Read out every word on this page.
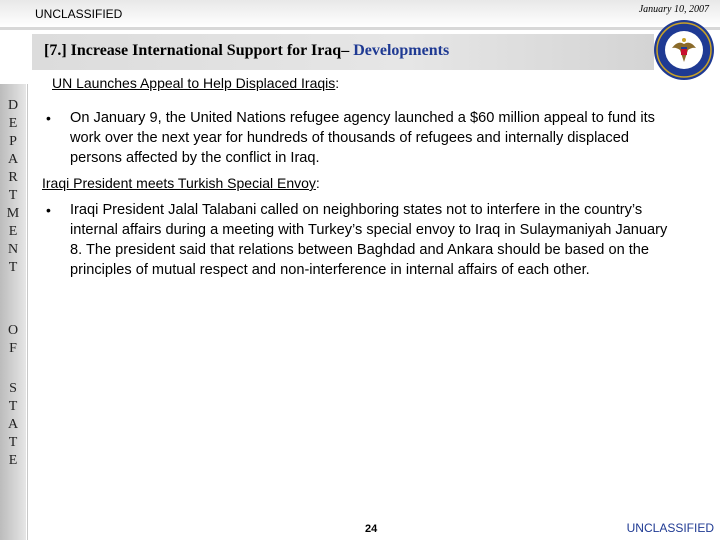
UNCLASSIFIED	January 10, 2007
[7.] Increase International Support for Iraq– Developments
D
E
P
A
R
T
M
E
N
T
O
F
S
T
A
T
E
UN Launches Appeal to Help Displaced Iraqis:
• On January 9, the United Nations refugee agency launched a $60 million appeal to fund its work over the next year for hundreds of thousands of refugees and internally displaced persons affected by the conflict in Iraq.
Iraqi President meets Turkish Special Envoy:
• Iraqi President Jalal Talabani called on neighboring states not to interfere in the country’s internal affairs during a meeting with Turkey’s special envoy to Iraq in Sulaymaniyah January 8. The president said that relations between Baghdad and Ankara should be based on the principles of mutual respect and non-interference in internal affairs of each other.
24	UNCLASSIFIED
